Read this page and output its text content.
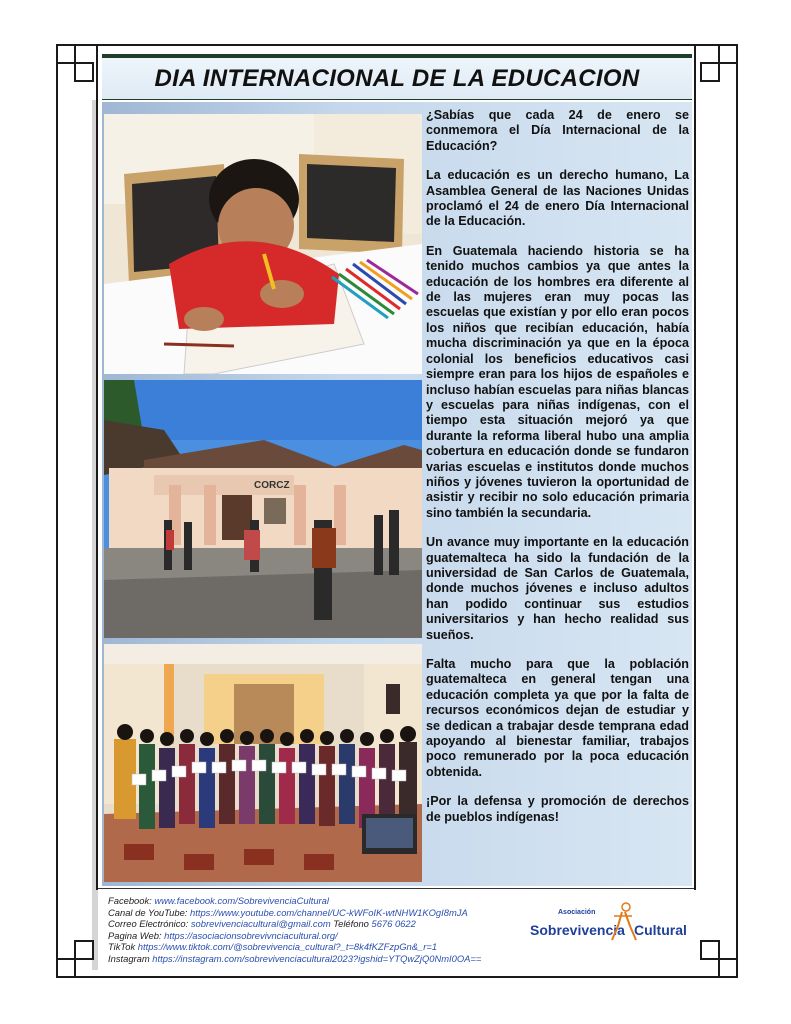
DIA INTERNACIONAL DE LA EDUCACION
CORCZ

¿Sabías que cada 24 de enero se conmemora el Día Internacional de la Educación?

La educación es un derecho humano, La Asamblea General de las Naciones Unidas proclamó el 24 de enero Día Internacional de la Educación.

En Guatemala haciendo historia se ha tenido muchos cambios ya que antes la educación de los hombres era diferente al de las mujeres eran muy pocas las escuelas que existían y por ello eran pocos los niños que recibían educación, había mucha discriminación ya que en la época colonial los beneficios educativos casi siempre eran para los hijos de españoles e incluso habían escuelas para niñas blancas y escuelas para niñas indígenas, con el tiempo esta situación mejoró ya que durante la reforma liberal hubo una amplia cobertura en educación donde se fundaron varias escuelas e institutos donde muchos niños y jóvenes tuvieron la oportunidad de asistir y recibir no solo educación primaria sino también la secundaria.

Un avance muy importante en la educación guatemalteca ha sido la fundación de la universidad de San Carlos de Guatemala, donde muchos jóvenes e incluso adultos han podido continuar sus estudios universitarios y han hecho realidad sus sueños.

Falta mucho para que la población guatemalteca en general tengan una educación completa ya que por la falta de recursos económicos dejan de estudiar y se dedican a trabajar desde temprana edad apoyando al bienestar familiar, trabajos poco remunerado por la poca educación obtenida.

¡Por la defensa y promoción de derechos de pueblos indígenas!

Facebook: www.facebook.com/SobrevivenciaCultural
Canal de YouTube: https://www.youtube.com/channel/UC-kWFoIK-wtNHW1KOgI8mJA
Correo Electrónico: sobrevivenciacultural@gmail.com Teléfono 5676 0622
Pagina Web: https://asociacionsobrevivnciacultural.org/
TikTok https://www.tiktok.com/@sobrevivencia_cultural?_t=8k4fKZFzpGn&_r=1
Instagram https://instagram.com/sobrevivenciacultural2023?igshid=YTQwZjQ0NmI0OA==
Asociación
Sobrevivencia Cultural
